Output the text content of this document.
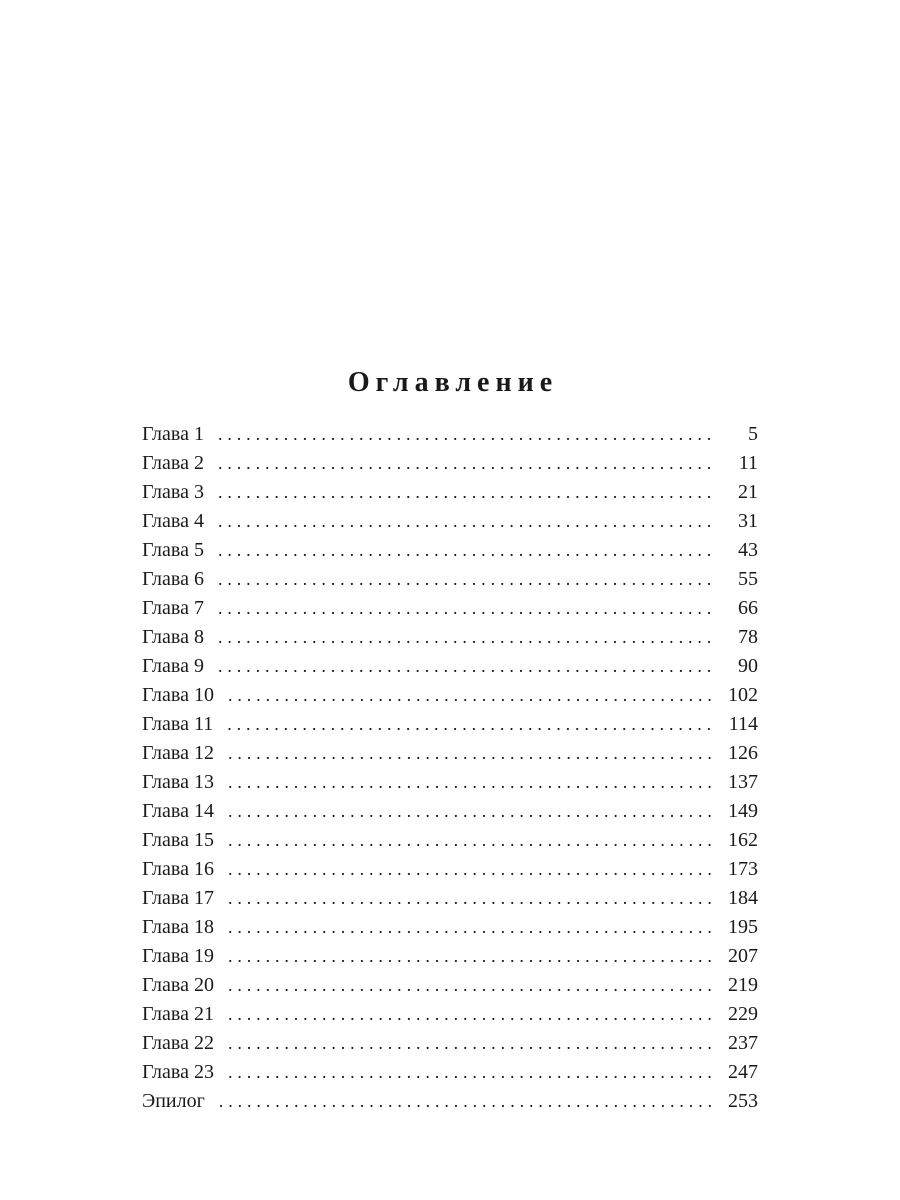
Оглавление
Глава 1 . . .	5
Глава 2 . . .	11
Глава 3 . . .	21
Глава 4 . . .	31
Глава 5 . . .	43
Глава 6 . . .	55
Глава 7 . . .	66
Глава 8 . . .	78
Глава 9 . . .	90
Глава 10 . . .	102
Глава 11 . . .	114
Глава 12 . . .	126
Глава 13 . . .	137
Глава 14 . . .	149
Глава 15 . . .	162
Глава 16 . . .	173
Глава 17 . . .	184
Глава 18 . . .	195
Глава 19 . . .	207
Глава 20 . . .	219
Глава 21 . . .	229
Глава 22 . . .	237
Глава 23 . . .	247
Эпилог . . .	253
